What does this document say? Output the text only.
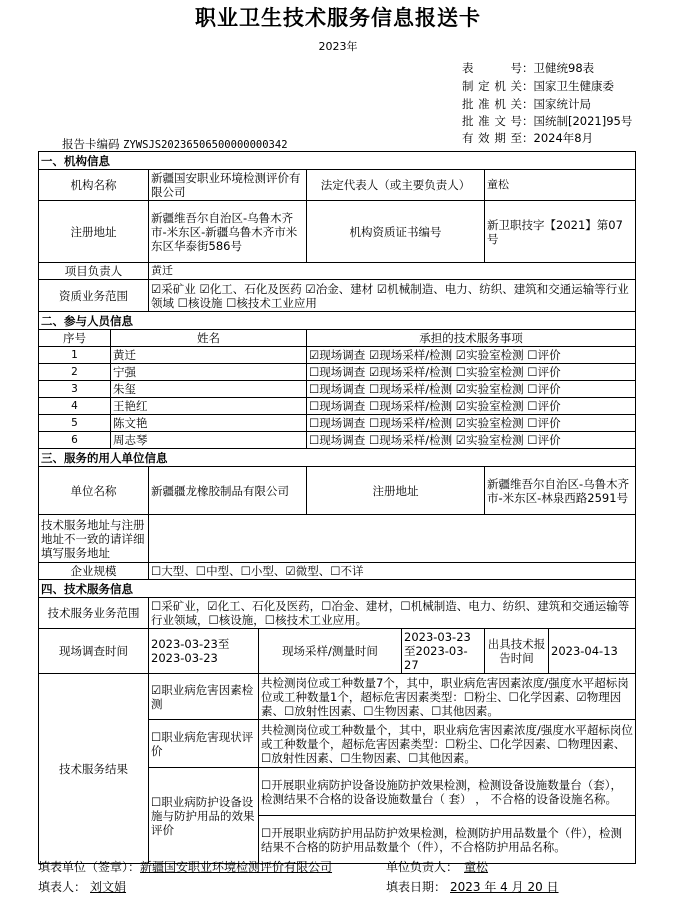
职业卫生技术服务信息报送卡
2023年
表号：卫健统98表
制定机关：国家卫生健康委
批准机关：国家统计局
批准文号：国统制[2021]95号
有效期至：2024年8月
报告卡编码 ZYWSJS20236506500000000342
一、机构信息							
机构名称		新疆国安职业环境检测评价有限公司		法定代表人（或主要负责人）		童松	
注册地址		新疆维吾尔自治区-乌鲁木齐市-米东区-新疆乌鲁木齐市米东区华泰街586号		机构资质证书编号		新卫职技字【2021】第07号	
项目负责人		黄迁					
资质业务范围		☑采矿业 ☑化工、石化及医药 ☑冶金、建材 ☑机械制造、电力、纺织、建筑和交通运输等行业领域 ☐核设施 ☐核技术工业应用					
二、参与人员信息							
序号	姓名			承担的技术服务事项			
1	黄迁			☑现场调查 ☑现场采样/检测 ☑实验室检测 ☐评价			
2	宁强			☐现场调查 ☑现场采样/检测 ☐实验室检测 ☐评价			
3	朱玺			☐现场调查 ☐现场采样/检测 ☑实验室检测 ☐评价			
4	王艳红			☐现场调查 ☐现场采样/检测 ☑实验室检测 ☐评价			
5	陈文艳			☐现场调查 ☐现场采样/检测 ☑实验室检测 ☐评价			
6	周志琴			☐现场调查 ☐现场采样/检测 ☑实验室检测 ☐评价			
三、服务的用人单位信息							
单位名称		新疆疆龙橡胶制品有限公司		注册地址		新疆维吾尔自治区-乌鲁木齐市-米东区-林泉西路2591号	
技术服务地址与注册地址不一致的请详细填写服务地址							
企业规模		☐大型、☐中型、☐小型、☑微型、☐不详					
四、技术服务信息							
技术服务业务范围		☐采矿业，☑化工、石化及医药，☐冶金、建材，☐机械制造、电力、纺织、建筑和交通运输等行业领域，☐核设施，☐核技术工业应用。					
现场调查时间		2023-03-23至2023-03-23	现场采样/测量时间		2023-03-23至2023-03-27	出具技术报告时间	2023-04-13
技术服务结果		☑职业病危害因素检测	共检测岗位或工种数量7个，其中，职业病危害因素浓度/强度水平超标岗位或工种数量1个，超标危害因素类型：☐粉尘、☐化学因素、☑物理因素、☐放射性因素、☐生物因素、☐其他因素。				
		☐职业病危害现状评价	共检测岗位或工种数量个，其中，职业病危害因素浓度/强度水平超标岗位或工种数量个，超标危害因素类型：☐粉尘、☐化学因素、☐物理因素、☐放射性因素、☐生物因素、☐其他因素。				
		☐职业病防护设备设施与防护用品的效果评价	☐开展职业病防护设备设施防护效果检测，检测设备设施数量台（套），检测结果不合格的设备设施数量台（ 套） ， 不合格的设备设施名称。				
			☐开展职业病防护用品防护效果检测，检测防护用品数量个（件），检测结果不合格的防护用品数量个（件），不合格防护用品名称。				
填表单位（签章）：新疆国安职业环境检测评价有限公司	单位负责人： 童松
填表人： 刘文娟	填表日期： 2023 年 4 月 20 日
